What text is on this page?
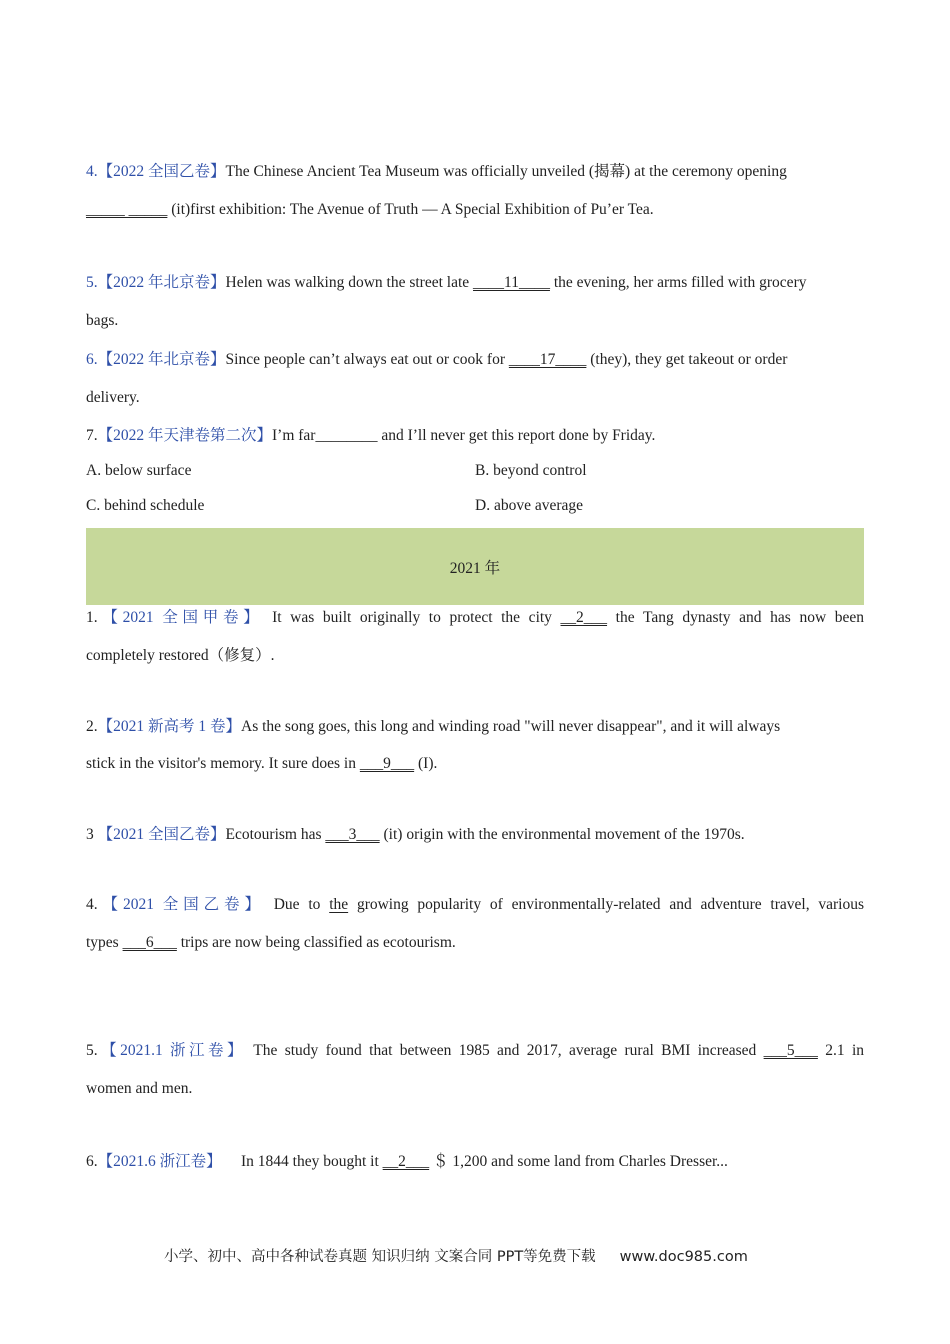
4.【2022 全国乙卷】The Chinese Ancient Tea Museum was officially unveiled (揭幕) at the ceremony opening
_____ _____ (it)first exhibition: The Avenue of Truth — A Special Exhibition of Pu’er Tea.
5.【2022 年北京卷】Helen was walking down the street late ____11____ the evening, her arms filled with grocery
bags.
6.【2022 年北京卷】Since people can’t always eat out or cook for ____17____ (they), they get takeout or order
delivery.
7.【2022 年天津卷第二次】I’m far________ and I’ll never get this report done by Friday.
A. below surface	B. beyond control
C. behind schedule	D. above average
2021 年
1.【2021 全国甲卷】 It was built originally to protect the city __2___ the Tang dynasty and has now been
completely restored（修复）.
2.【2021 新高考 1 卷】As the song goes, this long and winding road "will never disappear", and it will always
stick in the visitor's memory. It sure does in ___9___ (I).
3 【2021 全国乙卷】Ecotourism has ___3___ (it) origin with the environmental movement of the 1970s.
4.【2021 全国乙卷】 Due to the growing popularity of environmentally-related and adventure travel, various
types ___6___ trips are now being classified as ecotourism.
5.【2021.1 浙江卷】 The study found that between 1985 and 2017, average rural BMI increased ___5___ 2.1 in
women and men.
6.【2021.6 浙江卷】     In 1844 they bought it __2___ ＄ 1,200 and some land from Charles Dresser...
小学、初中、高中各种试卷真题 知识归纳 文案合同 PPT等免费下载 www.doc985.com
